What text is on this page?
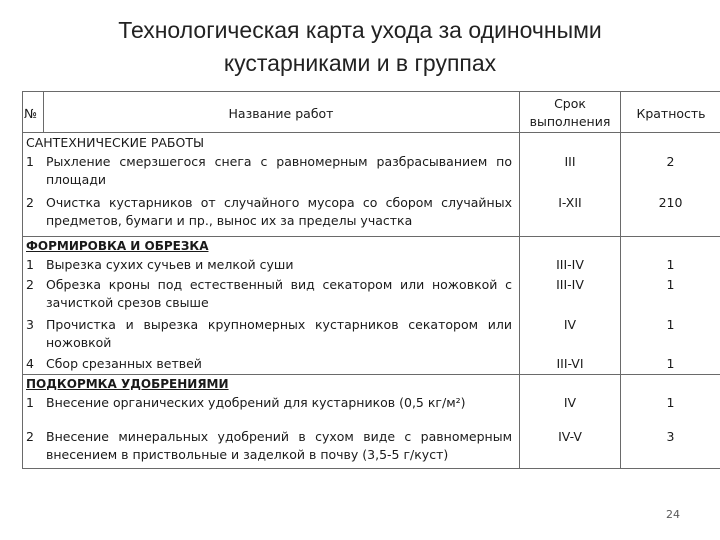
Технологическая карта ухода за одиночными
кустарниками и в группах
№	Название работ
Срок выполнения
Кратность
САНТЕХНИЧЕСКИЕ РАБОТЫ
1 Рыхление смерзшегося снега с равномерным разбрасыванием по площади
III	2
2 Очистка кустарников от случайного мусора со сбором случайных предметов, бумаги и пр., вынос их за пределы участка
I-XII	210
ФОРМИРОВКА И ОБРЕЗКА
1 Вырезка сухих сучьев и мелкой суши	III-IV	1
2 Обрезка кроны под естественный вид секатором или ножовкой с зачисткой срезов свыше
III-IV	1
3 Прочистка и вырезка крупномерных кустарников секатором или ножовкой
IV	1
4 Сбор срезанных ветвей	III-VI	1
ПОДКОРМКА УДОБРЕНИЯМИ
1 Внесение органических удобрений для кустарников (0,5 кг/м²)	IV	1
2 Внесение минеральных удобрений в сухом виде с равномерным внесением в приствольные и заделкой в почву (3,5-5 г/куст)
IV-V	3
24
